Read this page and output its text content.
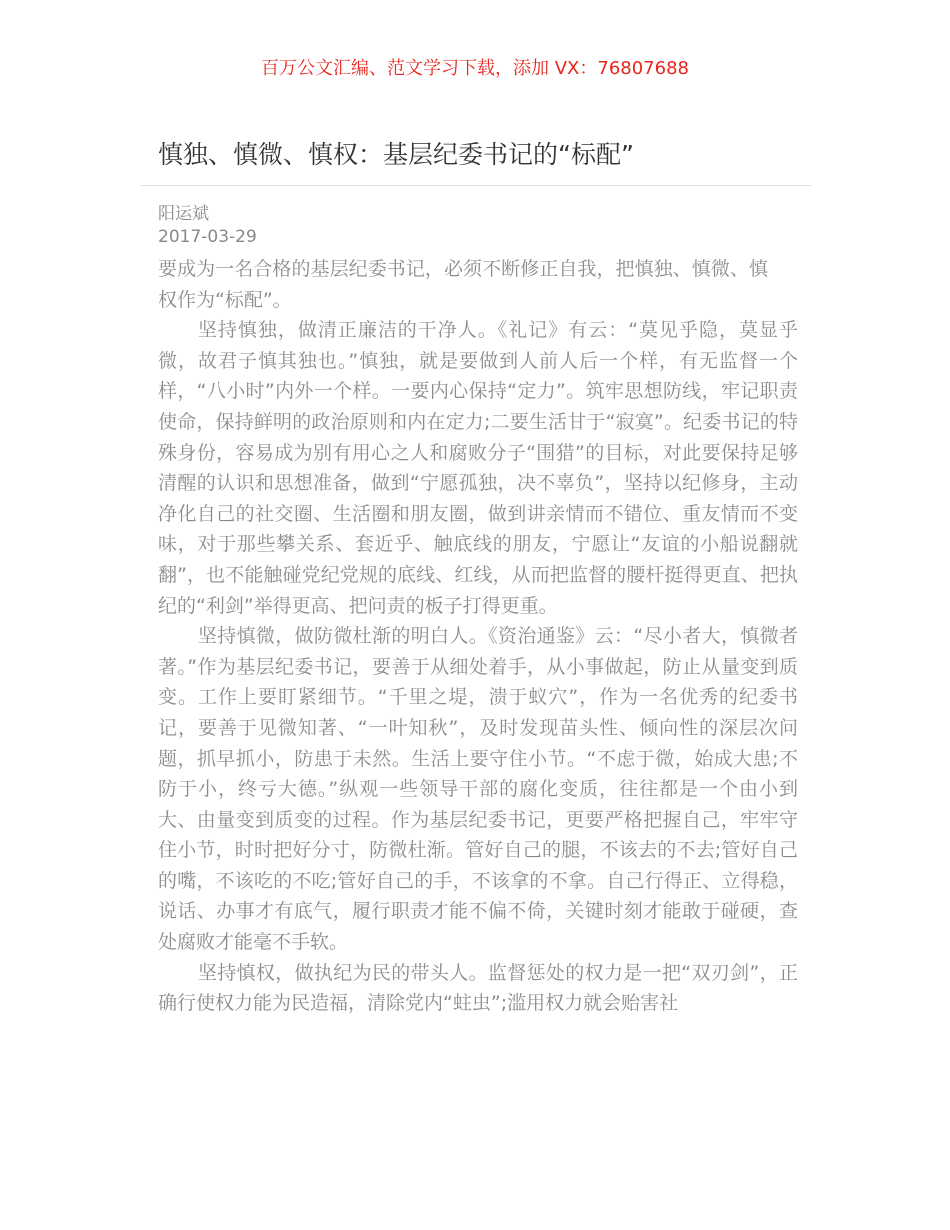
百万公文汇编、范文学习下载，添加 VX：76807688
慎独、慎微、慎权：基层纪委书记的“标配”
阳运斌
2017-03-29

要成为一名合格的基层纪委书记，必须不断修正自我，把慎独、慎微、慎权作为“标配”。

坚持慎独，做清正廉洁的干净人。《礼记》有云：“莫见乎隐，莫显乎微，故君子慎其独也。”慎独，就是要做到人前人后一个样，有无监督一个样，“八小时”内外一个样。一要内心保持“定力”。筑牢思想防线，牢记职责使命，保持鲜明的政治原则和内在定力;二要生活甘于“寂寞”。纪委书记的特殊身份，容易成为别有用心之人和腐败分子“围猎”的目标，对此要保持足够清醒的认识和思想准备，做到“宁愿孤独，决不辜负”，坚持以纪修身，主动净化自己的社交圈、生活圈和朋友圈，做到讲亲情而不错位、重友情而不变味，对于那些攀关系、套近乎、触底线的朋友，宁愿让“友谊的小船说翻就翻”，也不能触碰党纪党规的底线、红线，从而把监督的腰杆挺得更直、把执纪的“利剑”举得更高、把问责的板子打得更重。

坚持慎微，做防微杜渐的明白人。《资治通鉴》云：“尽小者大，慎微者著。”作为基层纪委书记，要善于从细处着手，从小事做起，防止从量变到质变。工作上要盯紧细节。“千里之堤，溃于蚁穴”，作为一名优秀的纪委书记，要善于见微知著、“一叶知秋”，及时发现苗头性、倾向性的深层次问题，抓早抓小，防患于未然。生活上要守住小节。“不虑于微，始成大患;不防于小，终亏大德。”纵观一些领导干部的腐化变质，往往都是一个由小到大、由量变到质变的过程。作为基层纪委书记，更要严格把握自己，牢牢守住小节，时时把好分寸，防微杜渐。管好自己的腿，不该去的不去;管好自己的嘴，不该吃的不吃;管好自己的手，不该拿的不拿。自己行得正、立得稳，说话、办事才有底气，履行职责才能不偏不倚，关键时刻才能敢于碰硬，查处腐败才能毫不手软。

坚持慎权，做执纪为民的带头人。监督惩处的权力是一把“双刃剑”，正确行使权力能为民造福，清除党内“蛀虫”;滥用权力就会贻害社
